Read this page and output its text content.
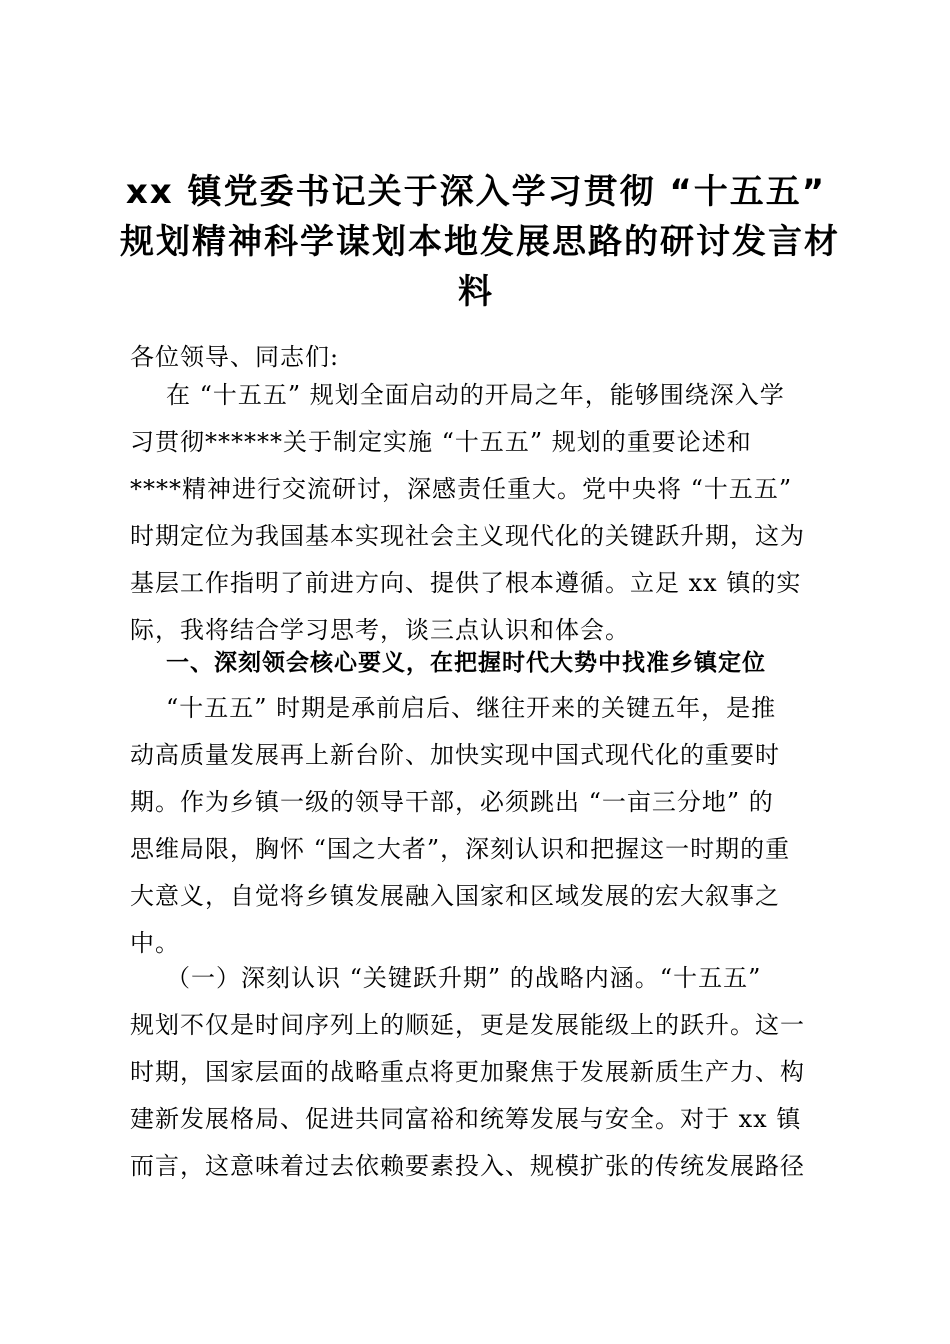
xx 镇党委书记关于深入学习贯彻 “十五五”
规划精神科学谋划本地发展思路的研讨发言材
料
各位领导、同志们:
在 “十五五” 规划全面启动的开局之年，能够围绕深入学
习贯彻******关于制定实施 “十五五” 规划的重要论述和
****精神进行交流研讨，深感责任重大。党中央将 “十五五”
时期定位为我国基本实现社会主义现代化的关键跃升期，这为
基层工作指明了前进方向、提供了根本遵循。立足 xx 镇的实
际，我将结合学习思考，谈三点认识和体会。
一、深刻领会核心要义，在把握时代大势中找准乡镇定位
“十五五” 时期是承前启后、继往开来的关键五年，是推
动高质量发展再上新台阶、加快实现中国式现代化的重要时
期。作为乡镇一级的领导干部，必须跳出 “一亩三分地” 的
思维局限，胸怀 “国之大者”，深刻认识和把握这一时期的重
大意义，自觉将乡镇发展融入国家和区域发展的宏大叙事之
中。
（一）深刻认识 “关键跃升期” 的战略内涵。“十五五”
规划不仅是时间序列上的顺延，更是发展能级上的跃升。这一
时期，国家层面的战略重点将更加聚焦于发展新质生产力、构
建新发展格局、促进共同富裕和统筹发展与安全。对于 xx 镇
而言，这意味着过去依赖要素投入、规模扩张的传统发展路径
